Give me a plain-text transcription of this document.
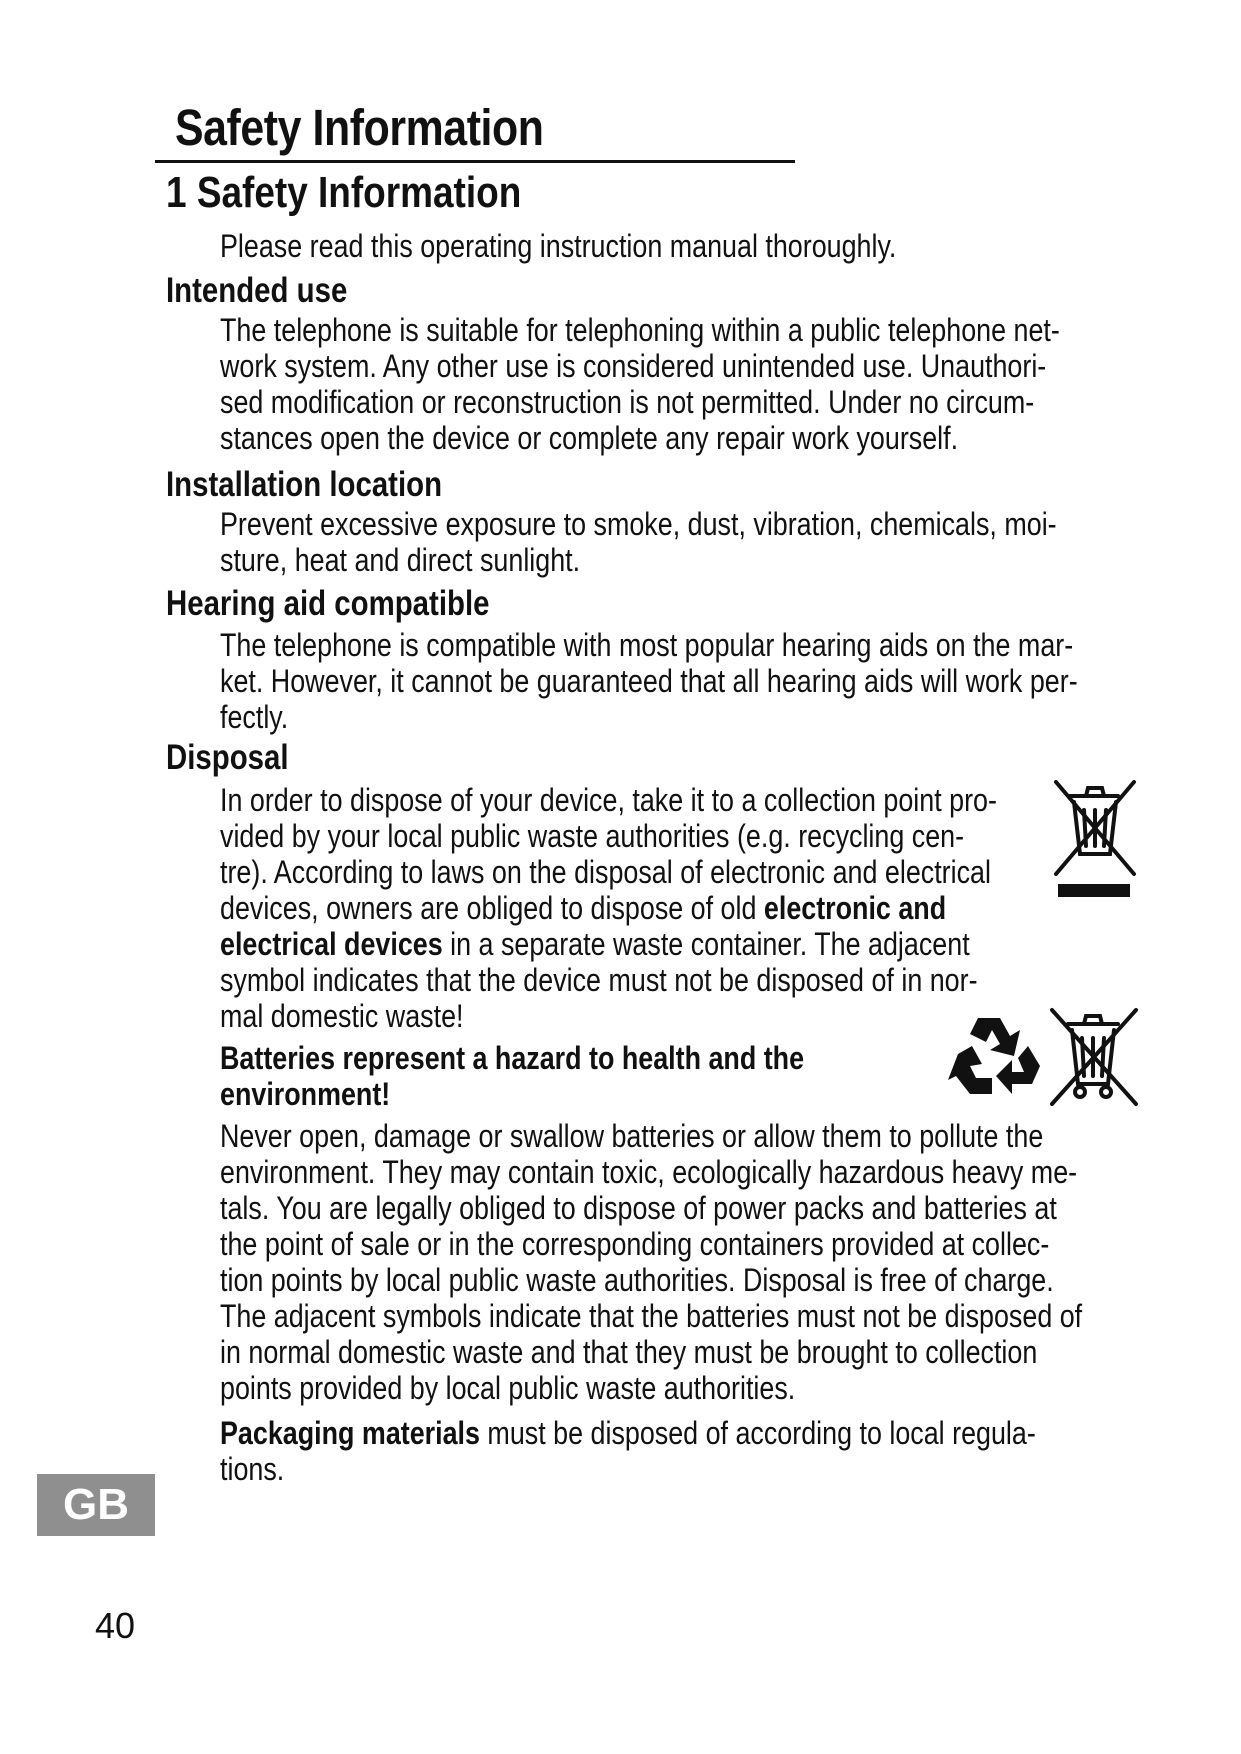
Safety Information
1 Safety Information
Please read this operating instruction manual thoroughly.
Intended use
The telephone is suitable for telephoning within a public telephone net-
work system. Any other use is considered unintended use. Unauthori-
sed modification or reconstruction is not permitted. Under no circum-
stances open the device or complete any repair work yourself.
Installation location
Prevent excessive exposure to smoke, dust, vibration, chemicals, moi-
sture, heat and direct sunlight.
Hearing aid compatible
The telephone is compatible with most popular hearing aids on the mar-
ket. However, it cannot be guaranteed that all hearing aids will work per-
fectly.
Disposal
In order to dispose of your device, take it to a collection point pro-
vided by your local public waste authorities (e.g. recycling cen-
tre). According to laws on the disposal of electronic and electrical
devices, owners are obliged to dispose of old electronic and
electrical devices in a separate waste container. The adjacent
symbol indicates that the device must not be disposed of in nor-
mal domestic waste!
Batteries represent a hazard to health and the
environment!
Never open, damage or swallow batteries or allow them to pollute the
environment. They may contain toxic, ecologically hazardous heavy me-
tals. You are legally obliged to dispose of power packs and batteries at
the point of sale or in the corresponding containers provided at collec-
tion points by local public waste authorities. Disposal is free of charge.
The adjacent symbols indicate that the batteries must not be disposed of
in normal domestic waste and that they must be brought to collection
points provided by local public waste authorities.
Packaging materials must be disposed of according to local regula-
tions.
GB
40
